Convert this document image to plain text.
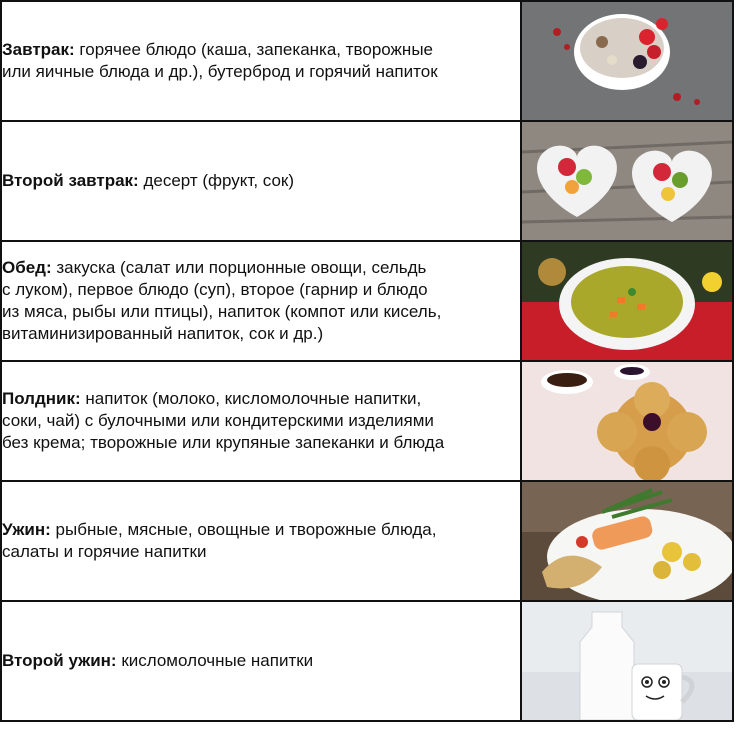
Завтрак: горячее блюдо (каша, запеканка, творожные
или яичные блюда и др.), бутерброд и горячий напиток

Второй завтрак: десерт (фрукт, сок)

Обед: закуска (салат или порционные овощи, сельдь
с луком), первое блюдо (суп), второе (гарнир и блюдо
из мяса, рыбы или птицы), напиток (компот или кисель,
витаминизированный напиток, сок и др.)

Полдник: напиток (молоко, кисломолочные напитки,
соки, чай) с булочными или кондитерскими изделиями
без крема; творожные или крупяные запеканки и блюда

Ужин: рыбные, мясные, овощные и творожные блюда,
салаты и горячие напитки

Второй ужин: кисломолочные напитки
